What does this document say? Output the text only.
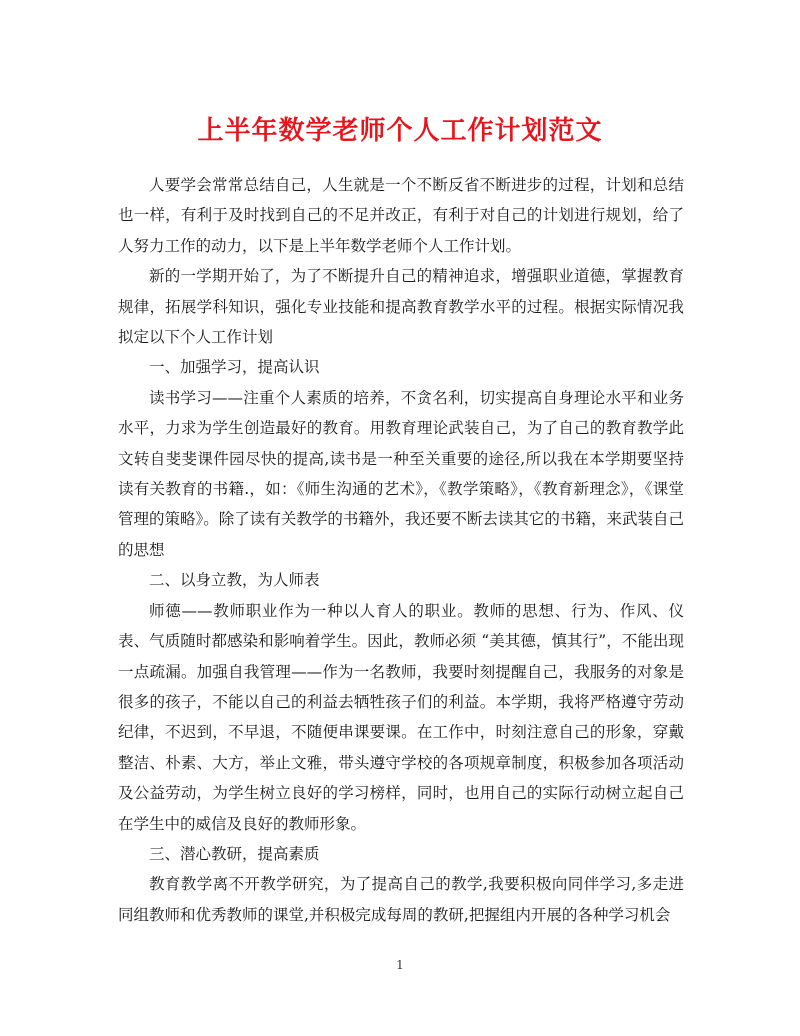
上半年数学老师个人工作计划范文

人要学会常常总结自己，人生就是一个不断反省不断进步的过程，计划和总结也一样，有利于及时找到自己的不足并改正，有利于对自己的计划进行规划，给了人努力工作的动力，以下是上半年数学老师个人工作计划。

新的一学期开始了，为了不断提升自己的精神追求，增强职业道德，掌握教育规律，拓展学科知识，强化专业技能和提高教育教学水平的过程。根据实际情况我拟定以下个人工作计划

一、加强学习，提高认识

读书学习——注重个人素质的培养，不贪名利，切实提高自身理论水平和业务水平，力求为学生创造最好的教育。用教育理论武装自己，为了自己的教育教学此文转自斐斐课件园尽快的提高,读书是一种至关重要的途径,所以我在本学期要坚持读有关教育的书籍.，如：《师生沟通的艺术》，《教学策略》，《教育新理念》，《课堂管理的策略》。除了读有关教学的书籍外，我还要不断去读其它的书籍，来武装自己的思想

二、以身立教，为人师表

师德——教师职业作为一种以人育人的职业。教师的思想、行为、作风、仪表、气质随时都感染和影响着学生。因此，教师必须 “美其德，慎其行”，不能出现一点疏漏。加强自我管理——作为一名教师，我要时刻提醒自己，我服务的对象是很多的孩子，不能以自己的利益去牺牲孩子们的利益。本学期，我将严格遵守劳动纪律，不迟到，不早退，不随便串课要课。在工作中，时刻注意自己的形象，穿戴整洁、朴素、大方，举止文雅，带头遵守学校的各项规章制度，积极参加各项活动及公益劳动，为学生树立良好的学习榜样，同时，也用自己的实际行动树立起自己在学生中的威信及良好的教师形象。

三、潜心教研，提高素质

教育教学离不开教学研究，为了提高自己的教学,我要积极向同伴学习,多走进同组教师和优秀教师的课堂,并积极完成每周的教研,把握组内开展的各种学习机会

1
